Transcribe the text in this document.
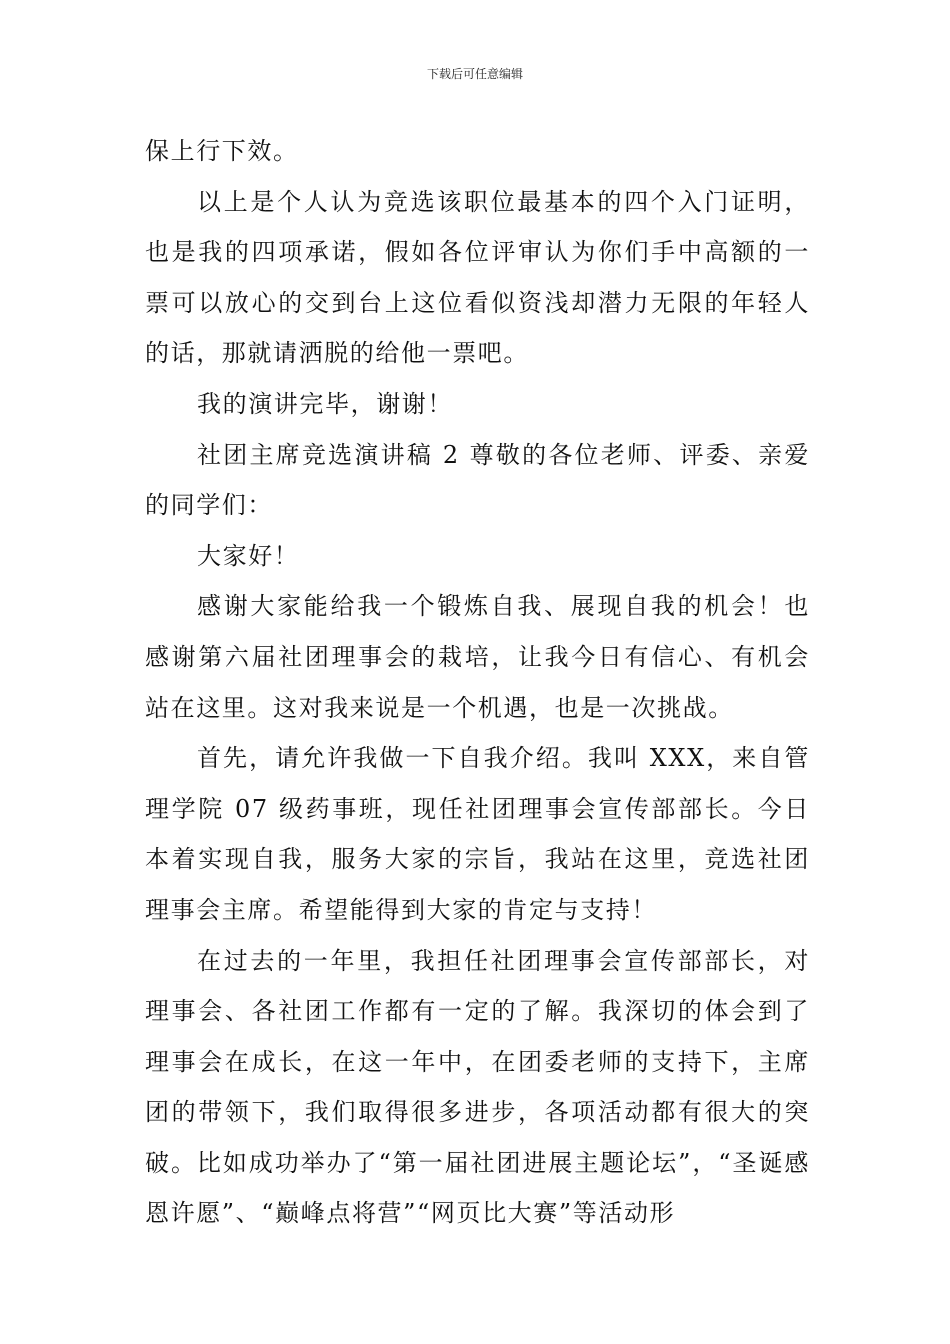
下载后可任意编辑

保上行下效。

以上是个人认为竞选该职位最基本的四个入门证明，也是我的四项承诺，假如各位评审认为你们手中高额的一票可以放心的交到台上这位看似资浅却潜力无限的年轻人的话，那就请洒脱的给他一票吧。

我的演讲完毕，谢谢！

社团主席竞选演讲稿 2 尊敬的各位老师、评委、亲爱的同学们：

大家好！

感谢大家能给我一个锻炼自我、展现自我的机会！也感谢第六届社团理事会的栽培，让我今日有信心、有机会站在这里。这对我来说是一个机遇，也是一次挑战。

首先，请允许我做一下自我介绍。我叫 XXX，来自管理学院 07 级药事班，现任社团理事会宣传部部长。今日本着实现自我，服务大家的宗旨，我站在这里，竞选社团理事会主席。希望能得到大家的肯定与支持！

在过去的一年里，我担任社团理事会宣传部部长，对理事会、各社团工作都有一定的了解。我深切的体会到了理事会在成长，在这一年中，在团委老师的支持下，主席团的带领下，我们取得很多进步，各项活动都有很大的突破。比如成功举办了“第一届社团进展主题论坛”，“圣诞感恩许愿”、“巅峰点将营”“网页比大赛”等活动形
